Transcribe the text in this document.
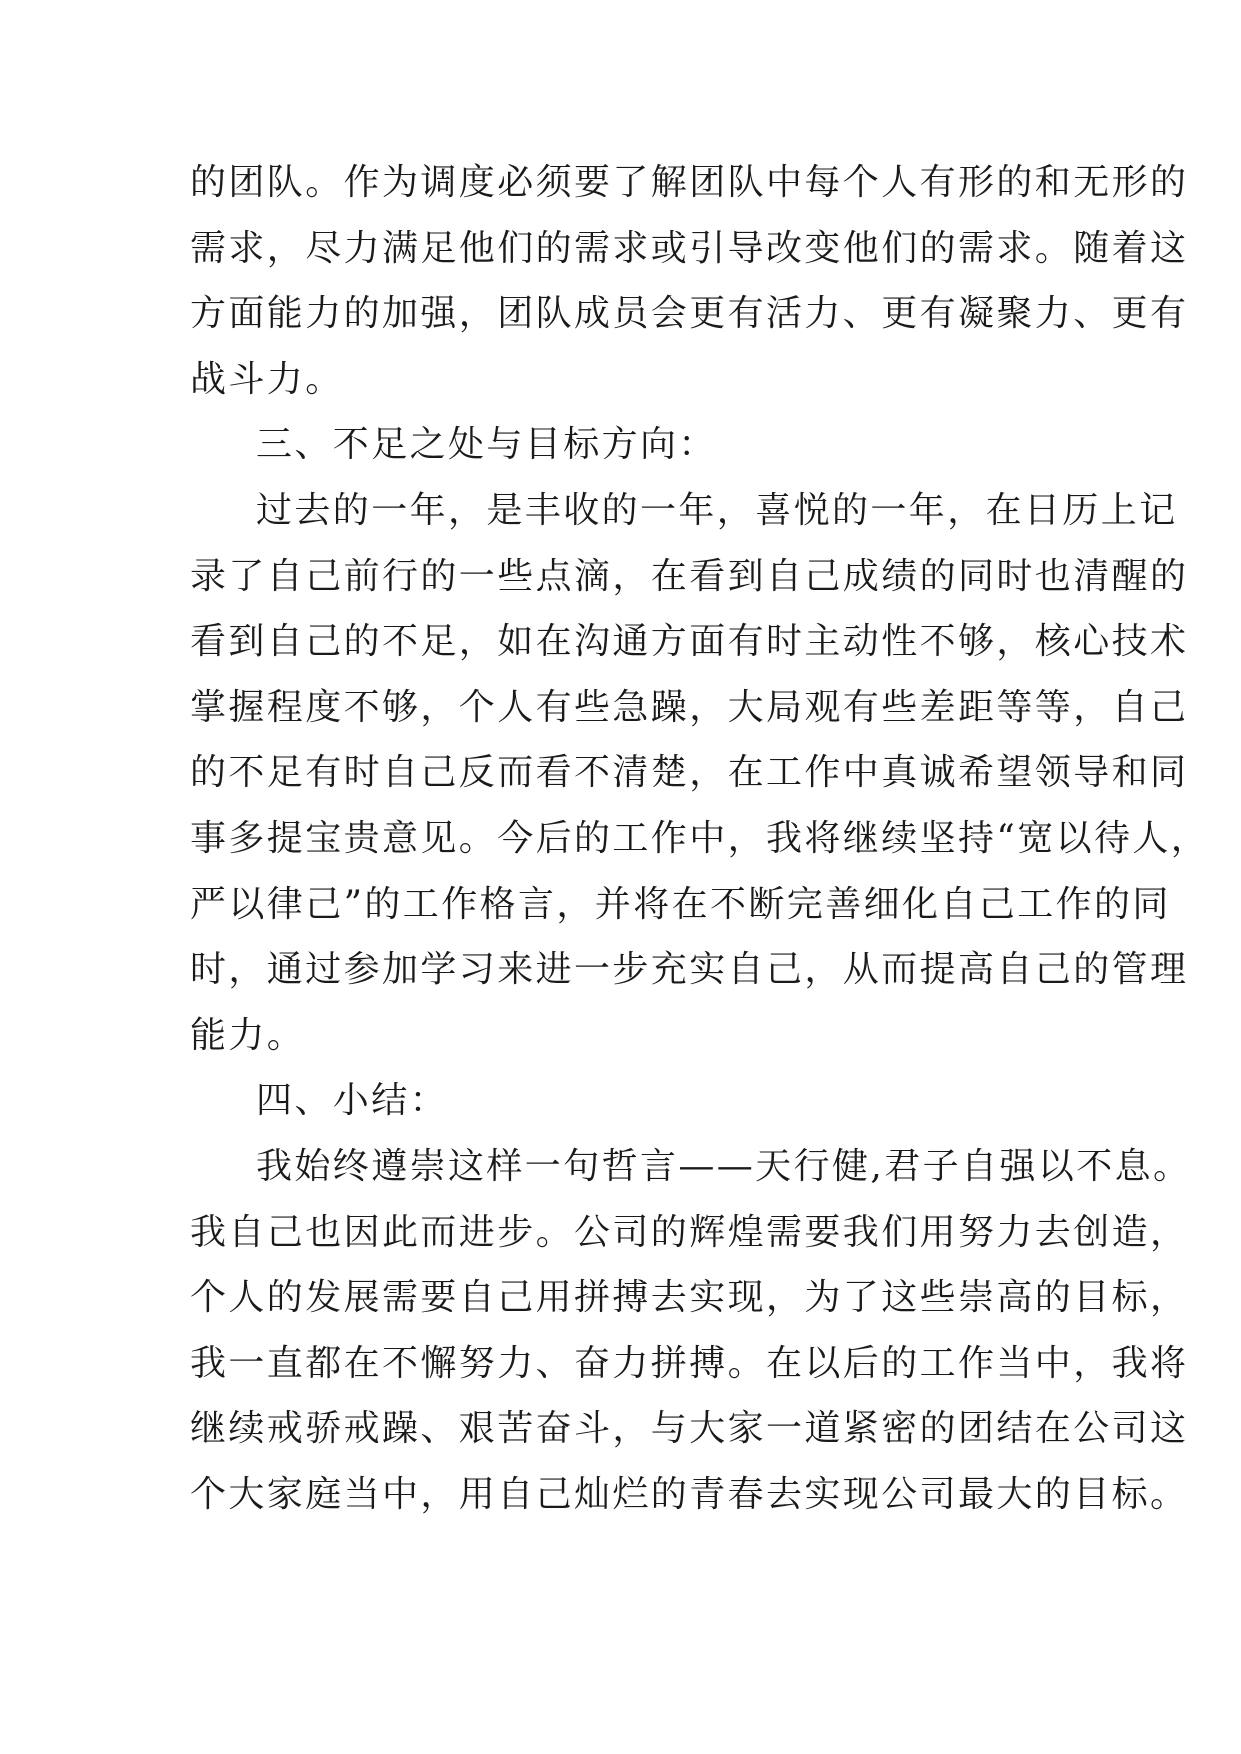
的团队。作为调度必须要了解团队中每个人有形的和无形的
需求，尽力满足他们的需求或引导改变他们的需求。随着这
方面能力的加强，团队成员会更有活力、更有凝聚力、更有
战斗力。
三、不足之处与目标方向：
过去的一年，是丰收的一年，喜悦的一年，在日历上记
录了自己前行的一些点滴，在看到自己成绩的同时也清醒的
看到自己的不足，如在沟通方面有时主动性不够，核心技术
掌握程度不够，个人有些急躁，大局观有些差距等等，自己
的不足有时自己反而看不清楚，在工作中真诚希望领导和同
事多提宝贵意见。今后的工作中，我将继续坚持“宽以待人，
严以律己”的工作格言，并将在不断完善细化自己工作的同
时，通过参加学习来进一步充实自己，从而提高自己的管理
能力。
四、小结：
我始终遵崇这样一句哲言——天行健,君子自强以不息。
我自己也因此而进步。公司的辉煌需要我们用努力去创造，
个人的发展需要自己用拼搏去实现，为了这些崇高的目标，
我一直都在不懈努力、奋力拼搏。在以后的工作当中，我将
继续戒骄戒躁、艰苦奋斗，与大家一道紧密的团结在公司这
个大家庭当中，用自己灿烂的青春去实现公司最大的目标。
